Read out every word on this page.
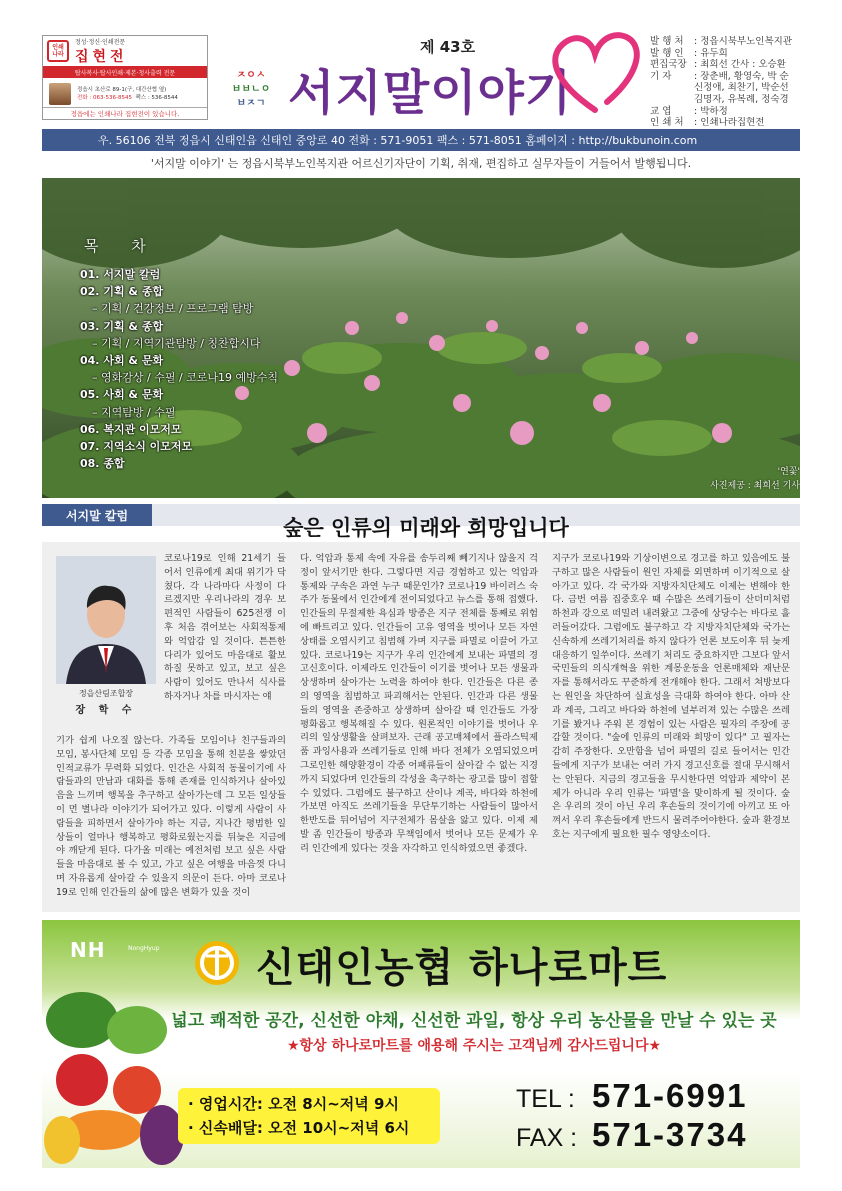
인쇄
나라
정성·정신·인쇄전문
집현전
탑사복사·탑사인쇄·제본·청사출력 전문
정읍시 초산로 89-1(구, 대간산협 옆)
전화 : 063-536-8545 팩스 : 536-8544
정읍에는 인쇄나라 집현전이 있습니다.
ㅈㅇㅅ
ㅂㅂㄴㅇ
ㅂㅈㄱ
제 43호
서지말이야기
발 행 처	: 정읍시북부노인복지관
발 행 인	: 유두희
편집국장 : 최희선 간사 : 오승환
기 자	: 장춘배, 황영숙, 박 순
신정애, 최찬기, 박순선
김명자, 유복례, 정숙경
교 엽	: 박하정
인 쇄 처	: 인쇄나라집현전
우. 56106 전북 정읍시 신태인읍 신태인 중앙로 40 전화 : 571-9051 팩스 : 571-8051 홈페이지 : http://bukbunoin.com
'서지말 이야기' 는 정읍시북부노인복지관 어르신기자단이 기획, 취재, 편집하고 실무자들이 거들어서 발행됩니다.
목 차
01. 서지말 칼럼
02. 기획 & 종합
– 기획 / 건강정보 / 프로그램 탐방
03. 기획 & 종합
– 기획 / 지역기관탐방 / 칭찬합시다
04. 사회 & 문화
– 영화감상 / 수필 / 코로나19 예방수칙
05. 사회 & 문화
– 지역탐방 / 수필
06. 복지관 이모저모
07. 지역소식 이모저모
08. 종합
'연꽃'
사진제공 : 최희선 기사
서지말 칼럼
숲은 인류의 미래와 희망입니다
정읍산림조합장
장 학 수
코로나19로 인해 21세기 들어서 인류에게 최대 위기가 닥쳤다. 각 나라마다 사정이 다르겠지만 우리나라의 경우 보편적인 사람들이 625전쟁 이후 처음 겪어보는 사회적통제와 억압감 일 것이다. 튼튼한 다리가 있어도 마음대로 활보하질 못하고 있고, 보고 싶은 사람이 있어도 만나서 식사를 하자거나 차를 마시자는 얘
기가 쉽게 나오질 않는다. 가족들 모임이나 친구들과의 모임, 봉사단체 모임 등 각종 모임을 통해 친분을 쌓았던 인적교류가 무력화 되었다. 인간은 사회적 동물이기에 사람들과의 만남과 대화를 통해 존재를 인식하거나 살아있음을 느끼며 행복을 추구하고 살아가는데 그 모든 일상들이 먼 별나라 이야기가 되어가고 있다. 이렇게 사람이 사람들을 피하면서 살아가야 하는 지금, 지나간 평범한 일상들이 얼마나 행복하고 평화로웠는지를 뒤늦은 지금에야 깨닫게 된다. 다가올 미래는 예전처럼 보고 싶은 사람들을 마음대로 볼 수 있고, 가고 싶은 여행을 마음껏 다니며 자유롭게 살아갈 수 있을지 의문이 든다. 아마 코로나19로 인해 인간들의 삶에 많은 변화가 있을 것이
다. 억압과 통제 속에 자유를 송두리째 빼기지나 않을지 걱정이 앞서기만 한다. 그렇다면 지금 경험하고 있는 억압과 통제와 구속은 과연 누구 때문인가? 코로나19 바이러스 숙주가 동물에서 인간에게 전이되었다고 뉴스를 통해 접했다. 인간들의 무절제한 욕심과 방종은 지구 전체를 통째로 위험에 빠트리고 있다. 인간들이 고유 영역을 벗어나 모든 자연 상태를 오염시키고 침범해 가며 지구를 파멸로 이끌어 가고 있다. 코로나19는 지구가 우리 인간에게 보내는 파멸의 경고신호이다. 이제라도 인간들이 이기를 벗어나 모든 생물과 상생하며 살아가는 노력을 하여야 한다. 인간들은 다른 종의 영역을 침범하고 파괴해서는 안된다. 인간과 다른 생물들의 영역을 존중하고 상생하며 살아갈 때 인간들도 가장 평화롭고 행복해질 수 있다. 원론적인 이야기를 벗어나 우리의 일상생활을 살펴보자. 근래 공고매체에서 플라스틱제품 과잉사용과 쓰레기들로 인해 바다 전체가 오염되었으며 그로인한 해양환경이 각종 어패류들이 살아갈 수 없는 지경까지 되었다며 인간들의 각성을 촉구하는 광고를 많이 접할 수 있었다. 그럼에도 불구하고 산이나 계곡, 바다와 하천에 가보면 아직도 쓰레기들을 무단투기하는 사람들이 많아서 한반도를 뒤어넘어 지구전체가 몸살을 앓고 있다. 이제 제발 좀 인간들이 방종과 무책임에서 벗어나 모든 문제가 우리 인간에게 있다는 것을 자각하고 인식하였으면 좋겠다.
지구가 코로나19와 기상이변으로 경고를 하고 있음에도 불구하고 많은 사람들이 원인 자체를 외면하며 이기적으로 살아가고 있다. 각 국가와 지방자치단체도 이제는 변해야 한다. 금번 여름 집중호우 때 수많은 쓰레기들이 산더미처럼 하천과 강으로 떠밀려 내려왔고 그중에 상당수는 바다로 흘러들어갔다. 그럼에도 불구하고 각 지방자치단체와 국가는 신속하게 쓰레기처리를 하지 않다가 언론 보도이후 뒤 늦게 대응하기 일쑤이다. 쓰레기 처리도 중요하지만 그보다 앞서 국민들의 의식개혁을 위한 계몽운동을 언론매체와 재난문자를 통해서라도 꾸준하게 전개해야 한다. 그래서 쳐방보다는 원인을 차단하여 실효성을 극대화 하여야 한다. 아마 산과 계곡, 그리고 바다와 하천에 널부러져 있는 수많은 쓰레기를 봤거나 주워 본 경험이 있는 사람은 필자의 주장에 공감할 것이다. "숲에 인류의 미래와 희망이 있다" 고 필자는 감히 주장한다. 오만함을 넘어 파멸의 길로 들어서는 인간들에게 지구가 보내는 여러 가지 경고신호를 절대 무시해서는 안된다. 지금의 경고들을 무시한다면 억압과 제약이 본제가 아니라 우리 인류는 '파멸'을 맞이하게 될 것이다. 숲은 우리의 것이 아닌 우리 후손들의 것이기에 아끼고 또 아껴서 우리 후손들에게 반드시 물려주어야한다. 숲과 환경보호는 지구에게 필요한 필수 영양소이다.
NH	NongHyup 신태인농협 하나로마트
넓고 쾌적한 공간, 신선한 야채, 신선한 과일, 항상 우리 농산물을 만날 수 있는 곳
★항상 하나로마트를 애용해 주시는 고객님께 감사드립니다★
· 영업시간: 오전 8시~저녁 9시
· 신속배달: 오전 10시~저녁 6시
TEL : 571-6991
FAX : 571-3734
